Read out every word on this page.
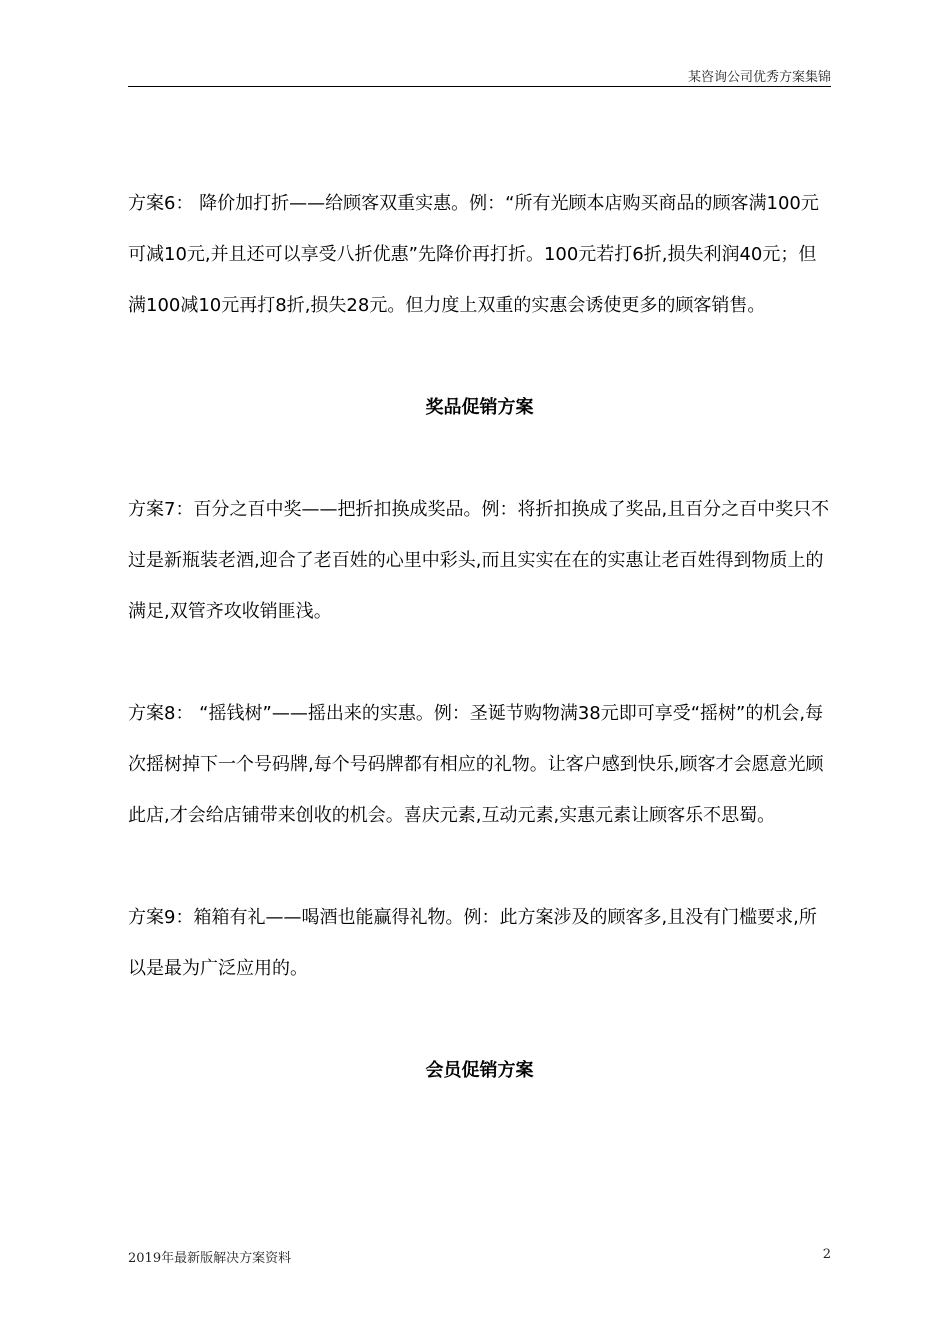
某咨询公司优秀方案集锦

方案6： 降价加打折——给顾客双重实惠。例：“所有光顾本店购买商品的顾客满100元可减10元,并且还可以享受八折优惠”先降价再打折。100元若打6折,损失利润40元；但满100减10元再打8折,损失28元。但力度上双重的实惠会诱使更多的顾客销售。

奖品促销方案

方案7：百分之百中奖——把折扣换成奖品。例：将折扣换成了奖品,且百分之百中奖只不过是新瓶装老酒,迎合了老百姓的心里中彩头,而且实实在在的实惠让老百姓得到物质上的满足,双管齐攻收销匪浅。

方案8： “摇钱树”——摇出来的实惠。例：圣诞节购物满38元即可享受“摇树”的机会,每次摇树掉下一个号码牌,每个号码牌都有相应的礼物。让客户感到快乐,顾客才会愿意光顾此店,才会给店铺带来创收的机会。喜庆元素,互动元素,实惠元素让顾客乐不思蜀。

方案9：箱箱有礼——喝酒也能赢得礼物。例：此方案涉及的顾客多,且没有门槛要求,所以是最为广泛应用的。

会员促销方案

2019年最新版解决方案资料	2
